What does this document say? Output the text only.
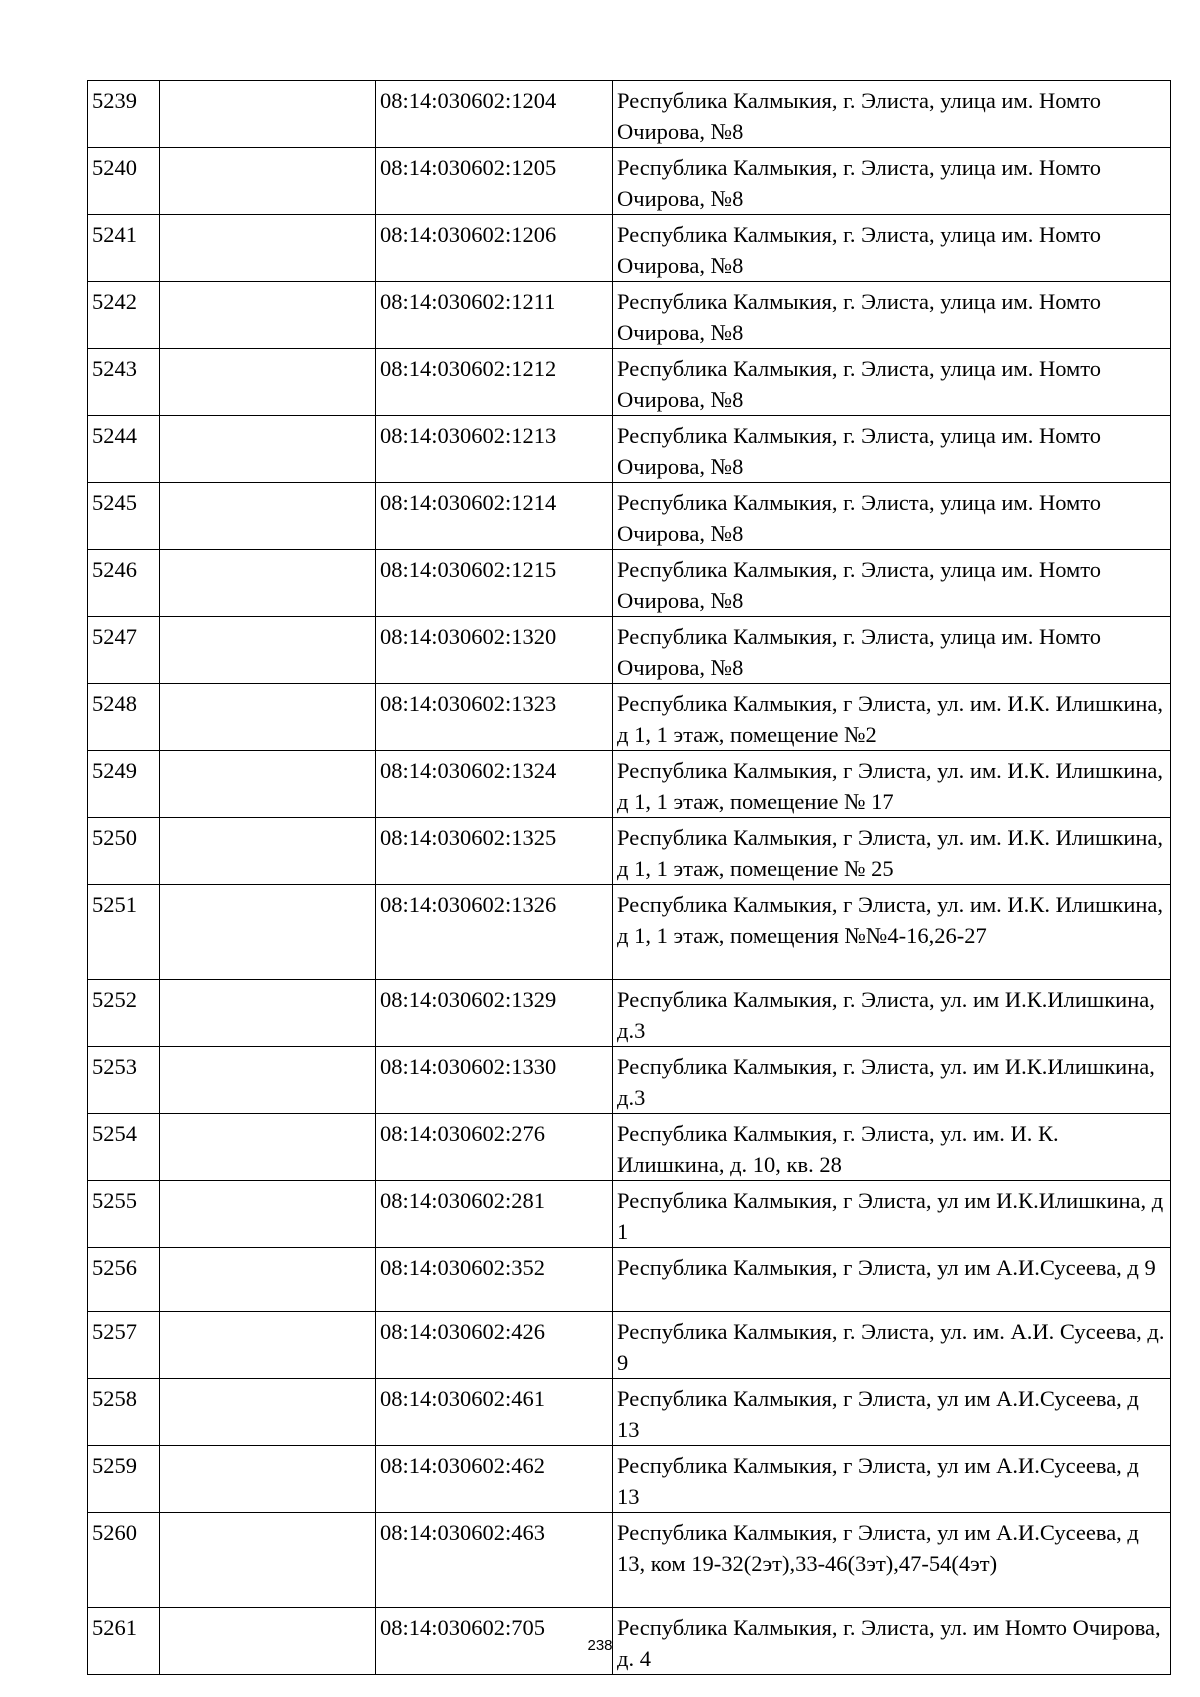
5239		08:14:030602:1204	Республика Калмыкия, г. Элиста, улица им. Номто Очирова, №8
5240		08:14:030602:1205	Республика Калмыкия, г. Элиста, улица им. Номто Очирова, №8
5241		08:14:030602:1206	Республика Калмыкия, г. Элиста, улица им. Номто Очирова, №8
5242		08:14:030602:1211	Республика Калмыкия, г. Элиста, улица им. Номто Очирова, №8
5243		08:14:030602:1212	Республика Калмыкия, г. Элиста, улица им. Номто Очирова, №8
5244		08:14:030602:1213	Республика Калмыкия, г. Элиста, улица им. Номто Очирова, №8
5245		08:14:030602:1214	Республика Калмыкия, г. Элиста, улица им. Номто Очирова, №8
5246		08:14:030602:1215	Республика Калмыкия, г. Элиста, улица им. Номто Очирова, №8
5247		08:14:030602:1320	Республика Калмыкия, г. Элиста, улица им. Номто Очирова, №8
5248		08:14:030602:1323	Республика Калмыкия, г Элиста, ул. им. И.К. Илишкина, д 1, 1 этаж, помещение №2
5249		08:14:030602:1324	Республика Калмыкия, г Элиста, ул. им. И.К. Илишкина, д 1, 1 этаж, помещение № 17
5250		08:14:030602:1325	Республика Калмыкия, г Элиста, ул. им. И.К. Илишкина, д 1, 1 этаж, помещение № 25
5251		08:14:030602:1326	Республика Калмыкия, г Элиста, ул. им. И.К. Илишкина, д 1, 1 этаж, помещения №№4-16,26-27
5252		08:14:030602:1329	Республика Калмыкия, г. Элиста, ул. им И.К.Илишкина, д.3
5253		08:14:030602:1330	Республика Калмыкия, г. Элиста, ул. им И.К.Илишкина, д.3
5254		08:14:030602:276	Республика Калмыкия, г. Элиста, ул. им. И. К. Илишкина, д. 10, кв. 28
5255		08:14:030602:281	Республика Калмыкия, г Элиста, ул им И.К.Илишкина, д 1
5256		08:14:030602:352	Республика Калмыкия, г Элиста, ул им А.И.Сусеева, д 9
5257		08:14:030602:426	Республика Калмыкия, г. Элиста, ул. им. А.И. Сусеева, д. 9
5258		08:14:030602:461	Республика Калмыкия, г Элиста, ул им А.И.Сусеева, д 13
5259		08:14:030602:462	Республика Калмыкия, г Элиста, ул им А.И.Сусеева, д 13
5260		08:14:030602:463	Республика Калмыкия, г Элиста, ул им А.И.Сусеева, д 13, ком 19-32(2эт),33-46(3эт),47-54(4эт)
5261		08:14:030602:705	Республика Калмыкия, г. Элиста, ул. им Номто Очирова, д. 4
238
